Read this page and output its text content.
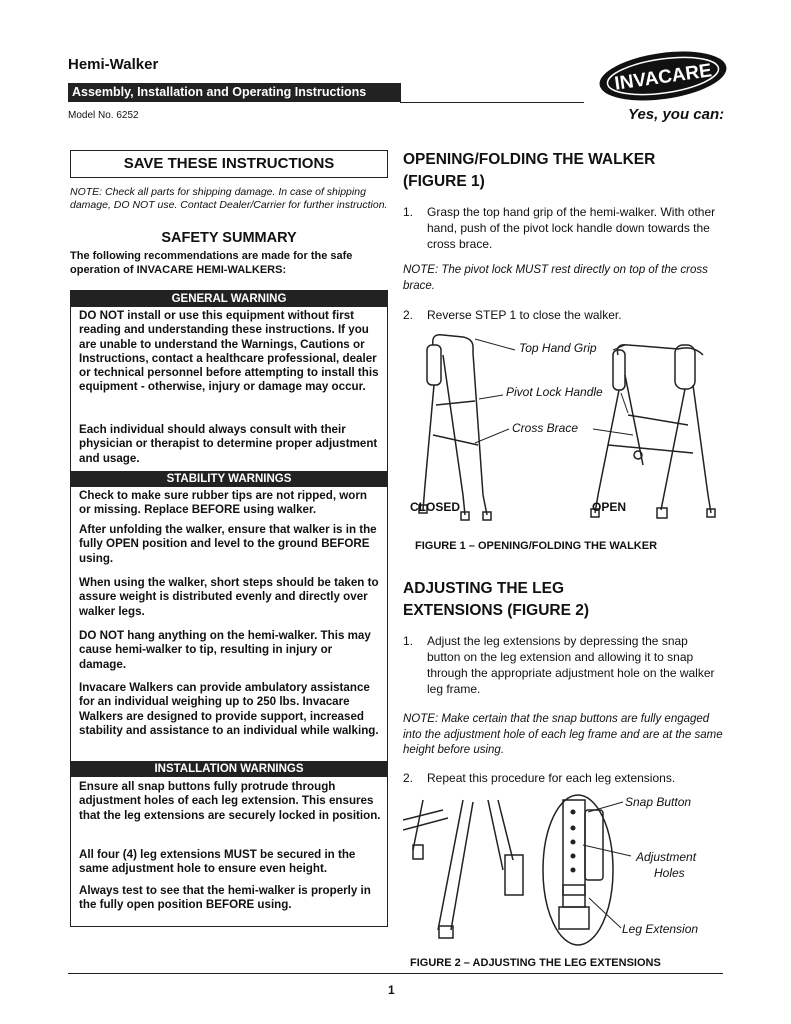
Hemi-Walker
Assembly, Installation and Operating Instructions
Model No. 6252
INVACARE
Yes, you can:
SAVE THESE INSTRUCTIONS
NOTE: Check all parts for shipping damage. In case of shipping damage, DO NOT use. Contact Dealer/Carrier for further instruction.
SAFETY SUMMARY
The following recommendations are made for the safe operation of INVACARE HEMI-WALKERS:
GENERAL WARNING
DO NOT install or use this equipment without first reading and understanding these instructions. If you are unable to understand the Warnings, Cautions or Instructions, contact a healthcare professional, dealer or technical personnel before attempting to install this equipment - otherwise, injury or damage may occur.
Each individual should always consult with their physician or therapist to determine proper adjustment and usage.
STABILITY WARNINGS
Check to make sure rubber tips are not ripped, worn or missing. Replace BEFORE using walker.
After unfolding the walker, ensure that walker is in the fully OPEN position and level to the ground BEFORE using.
When using the walker, short steps should be taken to assure weight is distributed evenly and directly over walker legs.
DO NOT hang anything on the hemi-walker. This may cause hemi-walker to tip, resulting in injury or damage.
Invacare Walkers can provide ambulatory assistance for an individual weighing up to 250 lbs. Invacare Walkers are designed to provide support, increased stability and assistance to an individual while walking.
INSTALLATION WARNINGS
Ensure all snap buttons fully protrude through adjustment holes of each leg extension. This ensures that the leg extensions are securely locked in position.
All four (4) leg extensions MUST be secured in the same adjustment hole to ensure even height.
Always test to see that the hemi-walker is properly in the fully open position BEFORE using.
OPENING/FOLDING THE WALKER
(FIGURE 1)
1. Grasp the top hand grip of the hemi-walker. With other hand, push of the pivot lock handle down towards the cross brace.
NOTE: The pivot lock MUST rest directly on top of the cross brace.
2. Reverse STEP 1 to close the walker.
Top Hand Grip
Pivot Lock Handle
Cross Brace
CLOSED	OPEN
FIGURE 1 – OPENING/FOLDING THE WALKER
ADJUSTING THE LEG
EXTENSIONS (FIGURE 2)
1. Adjust the leg extensions by depressing the snap button on the leg extension and allowing it to snap through the appropriate adjustment hole on the walker leg frame.
NOTE: Make certain that the snap buttons are fully engaged into the adjustment hole of each leg frame and are at the same height before using.
2. Repeat this procedure for each leg extensions.
Snap Button
Adjustment
Holes
Leg Extension
FIGURE 2 – ADJUSTING THE LEG EXTENSIONS
1
